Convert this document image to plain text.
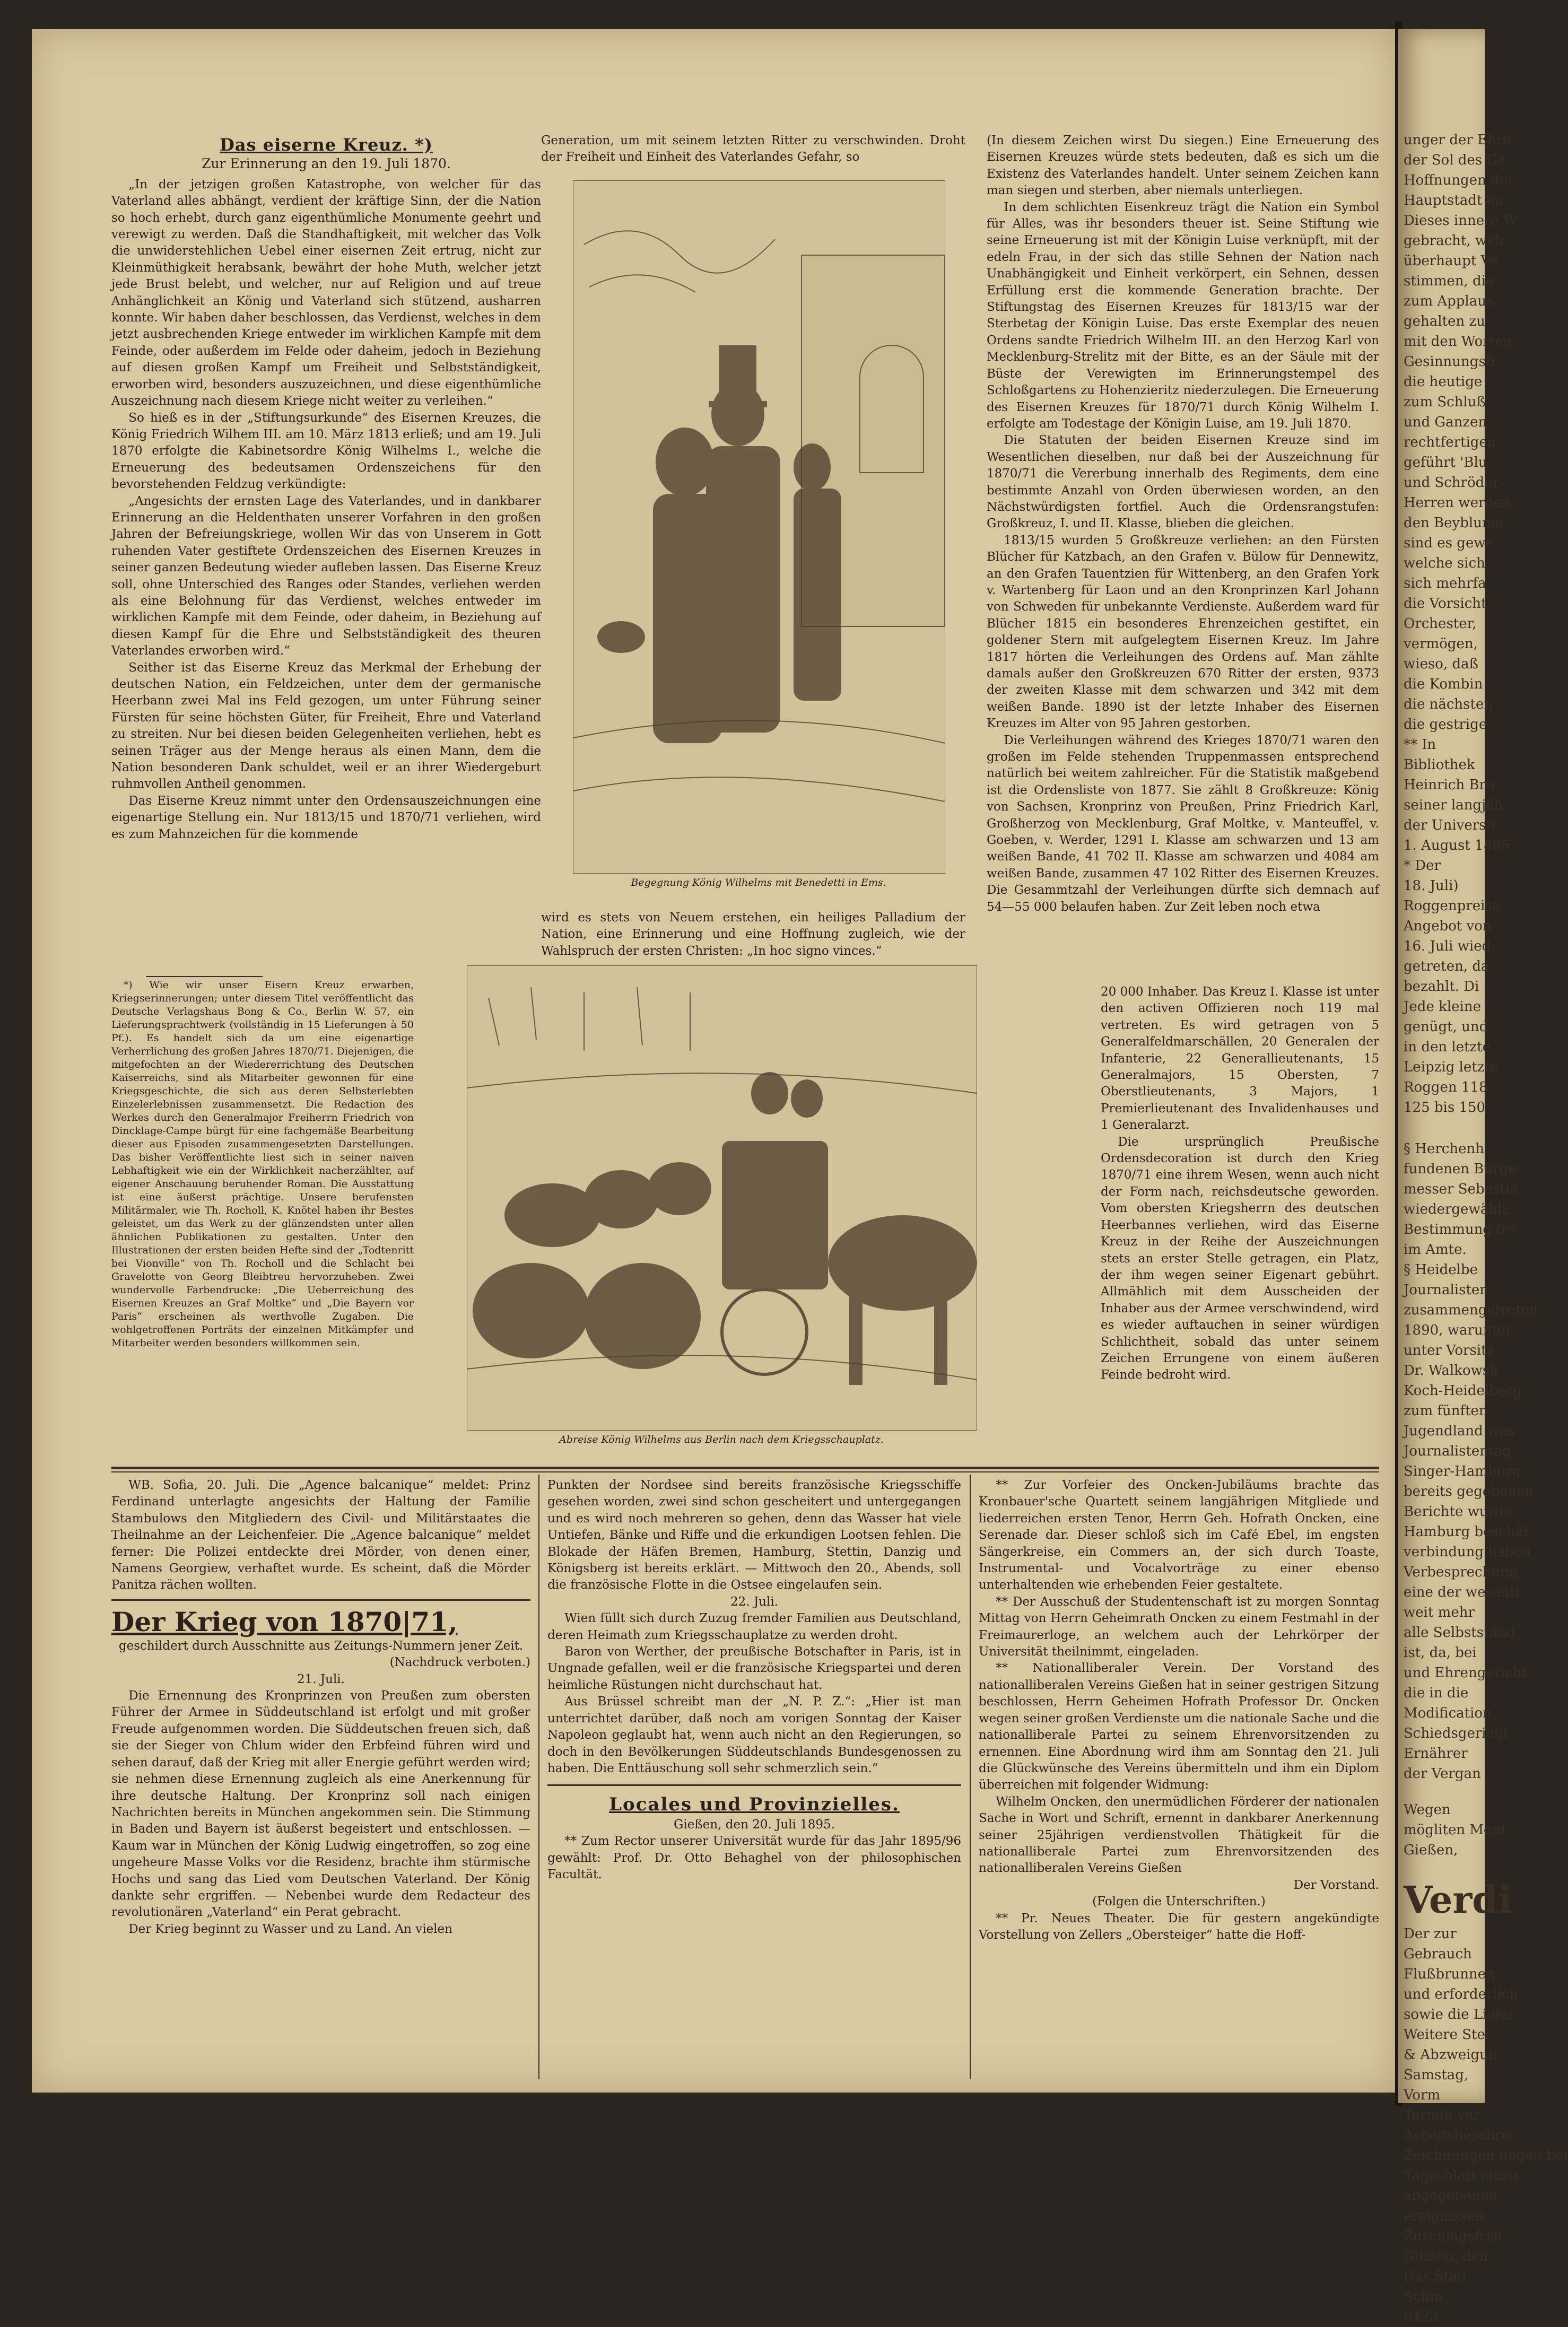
Das eiserne Kreuz. *)

Zur Erinnerung an den 19. Juli 1870.

„In der jetzigen großen Katastrophe, von welcher für das Vaterland alles abhängt, verdient der kräftige Sinn, der die Nation so hoch erhebt, durch ganz eigenthümliche Monumente geehrt und verewigt zu werden. Daß die Standhaftigkeit, mit welcher das Volk die unwiderstehlichen Uebel einer eisernen Zeit ertrug, nicht zur Kleinmüthigkeit herabsank, bewährt der hohe Muth, welcher jetzt jede Brust belebt, und welcher, nur auf Religion und auf treue Anhänglichkeit an König und Vaterland sich stützend, ausharren konnte. Wir haben daher beschlossen, das Verdienst, welches in dem jetzt ausbrechenden Kriege entweder im wirklichen Kampfe mit dem Feinde, oder außerdem im Felde oder daheim, jedoch in Beziehung auf diesen großen Kampf um Freiheit und Selbstständigkeit, erworben wird, besonders auszuzeichnen, und diese eigenthümliche Auszeichnung nach diesem Kriege nicht weiter zu verleihen.“

So hieß es in der „Stiftungsurkunde“ des Eisernen Kreuzes, die König Friedrich Wilhem III. am 10. März 1813 erließ; und am 19. Juli 1870 erfolgte die Kabinetsordre König Wilhelms I., welche die Erneuerung des bedeutsamen Ordenszeichens für den bevorstehenden Feldzug verkündigte:

„Angesichts der ernsten Lage des Vaterlandes, und in dankbarer Erinnerung an die Heldenthaten unserer Vorfahren in den großen Jahren der Befreiungskriege, wollen Wir das von Unserem in Gott ruhenden Vater gestiftete Ordenszeichen des Eisernen Kreuzes in seiner ganzen Bedeutung wieder aufleben lassen. Das Eiserne Kreuz soll, ohne Unterschied des Ranges oder Standes, verliehen werden als eine Belohnung für das Verdienst, welches entweder im wirklichen Kampfe mit dem Feinde, oder daheim, in Beziehung auf diesen Kampf für die Ehre und Selbstständigkeit des theuren Vaterlandes erworben wird.“

Seither ist das Eiserne Kreuz das Merkmal der Erhebung der deutschen Nation, ein Feldzeichen, unter dem der germanische Heerbann zwei Mal ins Feld gezogen, um unter Führung seiner Fürsten für seine höchsten Güter, für Freiheit, Ehre und Vaterland zu streiten. Nur bei diesen beiden Gelegenheiten verliehen, hebt es seinen Träger aus der Menge heraus als einen Mann, dem die Nation besonderen Dank schuldet, weil er an ihrer Wiedergeburt ruhmvollen Antheil genommen.

Das Eiserne Kreuz nimmt unter den Ordensauszeichnungen eine eigenartige Stellung ein. Nur 1813/15 und 1870/71 verliehen, wird es zum Mahnzeichen für die kommende

*) Wie wir unser Eisern Kreuz erwarben, Kriegserinnerungen; unter diesem Titel veröffentlicht das Deutsche Verlagshaus Bong & Co., Berlin W. 57, ein Lieferungsprachtwerk (vollständig in 15 Lieferungen à 50 Pf.). Es handelt sich da um eine eigenartige Verherrlichung des großen Jahres 1870/71. Diejenigen, die mitgefochten an der Wiedererrichtung des Deutschen Kaiserreichs, sind als Mitarbeiter gewonnen für eine Kriegsgeschichte, die sich aus deren Selbsterlebten Einzelerlebnissen zusammensetzt. Die Redaction des Werkes durch den Generalmajor Freiherrn Friedrich von Dincklage-Campe bürgt für eine fachgemäße Bearbeitung dieser aus Episoden zusammengesetzten Darstellungen. Das bisher Veröffentlichte liest sich in seiner naiven Lebhaftigkeit wie ein der Wirklichkeit nacherzählter, auf eigener Anschauung beruhender Roman. Die Ausstattung ist eine äußerst prächtige. Unsere berufensten Militärmaler, wie Th. Rocholl, K. Knötel haben ihr Bestes geleistet, um das Werk zu der glänzendsten unter allen ähnlichen Publikationen zu gestalten. Unter den Illustrationen der ersten beiden Hefte sind der „Todtenritt bei Vionville“ von Th. Rocholl und die Schlacht bei Gravelotte von Georg Bleibtreu hervorzuheben. Zwei wundervolle Farbendrucke: „Die Ueberreichung des Eisernen Kreuzes an Graf Moltke“ und „Die Bayern vor Paris“ erscheinen als werthvolle Zugaben. Die wohlgetroffenen Porträts der einzelnen Mitkämpfer und Mitarbeiter werden besonders willkommen sein.

Generation, um mit seinem letzten Ritter zu verschwinden. Droht der Freiheit und Einheit des Vaterlandes Gefahr, so

Begegnung König Wilhelms mit Benedetti in Ems.

wird es stets von Neuem erstehen, ein heiliges Palladium der Nation, eine Erinnerung und eine Hoffnung zugleich, wie der Wahlspruch der ersten Christen: „In hoc signo vinces.“

Abreise König Wilhelms aus Berlin nach dem Kriegsschauplatz.

(In diesem Zeichen wirst Du siegen.) Eine Erneuerung des Eisernen Kreuzes würde stets bedeuten, daß es sich um die Existenz des Vaterlandes handelt. Unter seinem Zeichen kann man siegen und sterben, aber niemals unterliegen.

In dem schlichten Eisenkreuz trägt die Nation ein Symbol für Alles, was ihr besonders theuer ist. Seine Stiftung wie seine Erneuerung ist mit der Königin Luise verknüpft, mit der edeln Frau, in der sich das stille Sehnen der Nation nach Unabhängigkeit und Einheit verkörpert, ein Sehnen, dessen Erfüllung erst die kommende Generation brachte. Der Stiftungstag des Eisernen Kreuzes für 1813/15 war der Sterbetag der Königin Luise. Das erste Exemplar des neuen Ordens sandte Friedrich Wilhelm III. an den Herzog Karl von Mecklenburg-Strelitz mit der Bitte, es an der Säule mit der Büste der Verewigten im Erinnerungstempel des Schloßgartens zu Hohenzieritz niederzulegen. Die Erneuerung des Eisernen Kreuzes für 1870/71 durch König Wilhelm I. erfolgte am Todestage der Königin Luise, am 19. Juli 1870.

Die Statuten der beiden Eisernen Kreuze sind im Wesentlichen dieselben, nur daß bei der Auszeichnung für 1870/71 die Vererbung innerhalb des Regiments, dem eine bestimmte Anzahl von Orden überwiesen worden, an den Nächstwürdigsten fortfiel. Auch die Ordensrangstufen: Großkreuz, I. und II. Klasse, blieben die gleichen.

1813/15 wurden 5 Großkreuze verliehen: an den Fürsten Blücher für Katzbach, an den Grafen v. Bülow für Dennewitz, an den Grafen Tauentzien für Wittenberg, an den Grafen York v. Wartenberg für Laon und an den Kronprinzen Karl Johann von Schweden für unbekannte Verdienste. Außerdem ward für Blücher 1815 ein besonderes Ehrenzeichen gestiftet, ein goldener Stern mit aufgelegtem Eisernen Kreuz. Im Jahre 1817 hörten die Verleihungen des Ordens auf. Man zählte damals außer den Großkreuzen 670 Ritter der ersten, 9373 der zweiten Klasse mit dem schwarzen und 342 mit dem weißen Bande. 1890 ist der letzte Inhaber des Eisernen Kreuzes im Alter von 95 Jahren gestorben.

Die Verleihungen während des Krieges 1870/71 waren den großen im Felde stehenden Truppenmassen entsprechend natürlich bei weitem zahlreicher. Für die Statistik maßgebend ist die Ordensliste von 1877. Sie zählt 8 Großkreuze: König von Sachsen, Kronprinz von Preußen, Prinz Friedrich Karl, Großherzog von Mecklenburg, Graf Moltke, v. Manteuffel, v. Goeben, v. Werder, 1291 I. Klasse am schwarzen und 13 am weißen Bande, 41 702 II. Klasse am schwarzen und 4084 am weißen Bande, zusammen 47 102 Ritter des Eisernen Kreuzes. Die Gesammtzahl der Verleihungen dürfte sich demnach auf 54—55 000 belaufen haben. Zur Zeit leben noch etwa

20 000 Inhaber. Das Kreuz I. Klasse ist unter den activen Offizieren noch 119 mal vertreten. Es wird getragen von 5 Generalfeldmarschällen, 20 Generalen der Infanterie, 22 Generallieutenants, 15 Generalmajors, 15 Obersten, 7 Oberstlieutenants, 3 Majors, 1 Premierlieutenant des Invalidenhauses und 1 Generalarzt.

Die ursprünglich Preußische Ordensdecoration ist durch den Krieg 1870/71 eine ihrem Wesen, wenn auch nicht der Form nach, reichsdeutsche geworden. Vom obersten Kriegsherrn des deutschen Heerbannes verliehen, wird das Eiserne Kreuz in der Reihe der Auszeichnungen stets an erster Stelle getragen, ein Platz, der ihm wegen seiner Eigenart gebührt. Allmählich mit dem Ausscheiden der Inhaber aus der Armee verschwindend, wird es wieder auftauchen in seiner würdigen Schlichtheit, sobald das unter seinem Zeichen Errungene von einem äußeren Feinde bedroht wird.

WB. Sofia, 20. Juli. Die „Agence balcanique“ meldet: Prinz Ferdinand unterlagte angesichts der Haltung der Familie Stambulows den Mitgliedern des Civil- und Militärstaates die Theilnahme an der Leichenfeier. Die „Agence balcanique“ meldet ferner: Die Polizei entdeckte drei Mörder, von denen einer, Namens Georgiew, verhaftet wurde. Es scheint, daß die Mörder Panitza rächen wollten.

Der Krieg von 1870|71,

geschildert durch Ausschnitte aus Zeitungs-Nummern jener Zeit.

(Nachdruck verboten.)

21. Juli.

Die Ernennung des Kronprinzen von Preußen zum obersten Führer der Armee in Süddeutschland ist erfolgt und mit großer Freude aufgenommen worden. Die Süddeutschen freuen sich, daß sie der Sieger von Chlum wider den Erbfeind führen wird und sehen darauf, daß der Krieg mit aller Energie geführt werden wird; sie nehmen diese Ernennung zugleich als eine Anerkennung für ihre deutsche Haltung. Der Kronprinz soll nach einigen Nachrichten bereits in München angekommen sein. Die Stimmung in Baden und Bayern ist äußerst begeistert und entschlossen. — Kaum war in München der König Ludwig eingetroffen, so zog eine ungeheure Masse Volks vor die Residenz, brachte ihm stürmische Hochs und sang das Lied vom Deutschen Vaterland. Der König dankte sehr ergriffen. — Nebenbei wurde dem Redacteur des revolutionären „Vaterland“ ein Perat gebracht.

Der Krieg beginnt zu Wasser und zu Land. An vielen

Punkten der Nordsee sind bereits französische Kriegsschiffe gesehen worden, zwei sind schon gescheitert und untergegangen und es wird noch mehreren so gehen, denn das Wasser hat viele Untiefen, Bänke und Riffe und die erkundigen Lootsen fehlen. Die Blokade der Häfen Bremen, Hamburg, Stettin, Danzig und Königsberg ist bereits erklärt. — Mittwoch den 20., Abends, soll die französische Flotte in die Ostsee eingelaufen sein.

22. Juli.

Wien füllt sich durch Zuzug fremder Familien aus Deutschland, deren Heimath zum Kriegsschauplatze zu werden droht.

Baron von Werther, der preußische Botschafter in Paris, ist in Ungnade gefallen, weil er die französische Kriegspartei und deren heimliche Rüstungen nicht durchschaut hat.

Aus Brüssel schreibt man der „N. P. Z.“: „Hier ist man unterrichtet darüber, daß noch am vorigen Sonntag der Kaiser Napoleon geglaubt hat, wenn auch nicht an den Regierungen, so doch in den Bevölkerungen Süddeutschlands Bundesgenossen zu haben. Die Enttäuschung soll sehr schmerzlich sein.“

Locales und Provinzielles.

Gießen, den 20. Juli 1895.

** Zum Rector unserer Universität wurde für das Jahr 1895/96 gewählt: Prof. Dr. Otto Behaghel von der philosophischen Facultät.

** Zur Vorfeier des Oncken-Jubiläums brachte das Kronbauer'sche Quartett seinem langjährigen Mitgliede und liederreichen ersten Tenor, Herrn Geh. Hofrath Oncken, eine Serenade dar. Dieser schloß sich im Café Ebel, im engsten Sängerkreise, ein Commers an, der sich durch Toaste, Instrumental- und Vocalvorträge zu einer ebenso unterhaltenden wie erhebenden Feier gestaltete.

** Der Ausschuß der Studentenschaft ist zu morgen Sonntag Mittag von Herrn Geheimrath Oncken zu einem Festmahl in der Freimaurerloge, an welchem auch der Lehrkörper der Universität theilnimmt, eingeladen.

** Nationalliberaler Verein. Der Vorstand des nationalliberalen Vereins Gießen hat in seiner gestrigen Sitzung beschlossen, Herrn Geheimen Hofrath Professor Dr. Oncken wegen seiner großen Verdienste um die nationale Sache und die nationalliberale Partei zu seinem Ehrenvorsitzenden zu ernennen. Eine Abordnung wird ihm am Sonntag den 21. Juli die Glückwünsche des Vereins übermitteln und ihm ein Diplom überreichen mit folgender Widmung:

Wilhelm Oncken, den unermüdlichen Förderer der nationalen Sache in Wort und Schrift, ernennt in dankbarer Anerkennung seiner 25jährigen verdienstvollen Thätigkeit für die nationalliberale Partei zum Ehrenvorsitzenden des nationalliberalen Vereins Gießen

Der Vorstand.

(Folgen die Unterschriften.)

** Pr. Neues Theater. Die für gestern angekündigte Vorstellung von Zellers „Obersteiger“ hatte die Hoff-

unger der Ehre

der Sol des Ga

Hoffnungen der

Hauptstadt au

Dieses innere W

gebracht, welc

überhaupt Ve

stimmen, die

zum Applaus

gehalten zu

mit den Worten

Gesinnungsb

die heutige

zum Schluß

und Ganzen

rechtfertigen

geführt 'Blu

und Schröder

Herren werden

den Beyblume

sind es gewe

welche sich

sich mehrfa

die Vorsicht

Orchester,

vermögen,

wieso, daß

die Kombin

die nächsten

die gestrige

** In

Bibliothek

Heinrich Bru

seiner langjäh

der Universit

1. August 1895

* Der

18. Juli)

Roggenpreise

Angebot von

16. Juli wied

getreten, da

bezahlt. Di

Jede kleine

genügt, und

in den letzte

Leipzig letzte

Roggen 118

125 bis 150

§ Herchenh

fundenen Bürge

messer Sebastia

wiedergewählt.

Bestimmung fre

im Amte.

§ Heidelbe

Journalisten

zusammengetreten

1890, warunter

unter Vorsitz

Dr. Walkowsk

Koch-Heidelberg

zum fünften

Jugendland was

Journalistentag

Singer-Hamburg

bereits gegebenen

Berichte wurde

Hamburg beschäf

verbindung haben

Verbesprechung

eine der wesentl

weit mehr

alle Selbstständ

ist, da, bei

und Ehrengericht

die in die

Modification

Schiedsgericht

Ernährer

der Vergan

Wegen

mögliten Mont

Gießen,

Verdi

Der zur

Gebrauch

Flußbrunnen

und erforderlich

sowie die Liefer

Weitere Stei

& Abzweigun

Samstag,

Vorm

Termin ver

Arbeitsbeschrei

Zeichnungen liegen bei

Tagesblatt einzu

abgegebenen

ereignissen

Zuschlagsfrist

Gießen, den

Das Stad

Schm

6423
